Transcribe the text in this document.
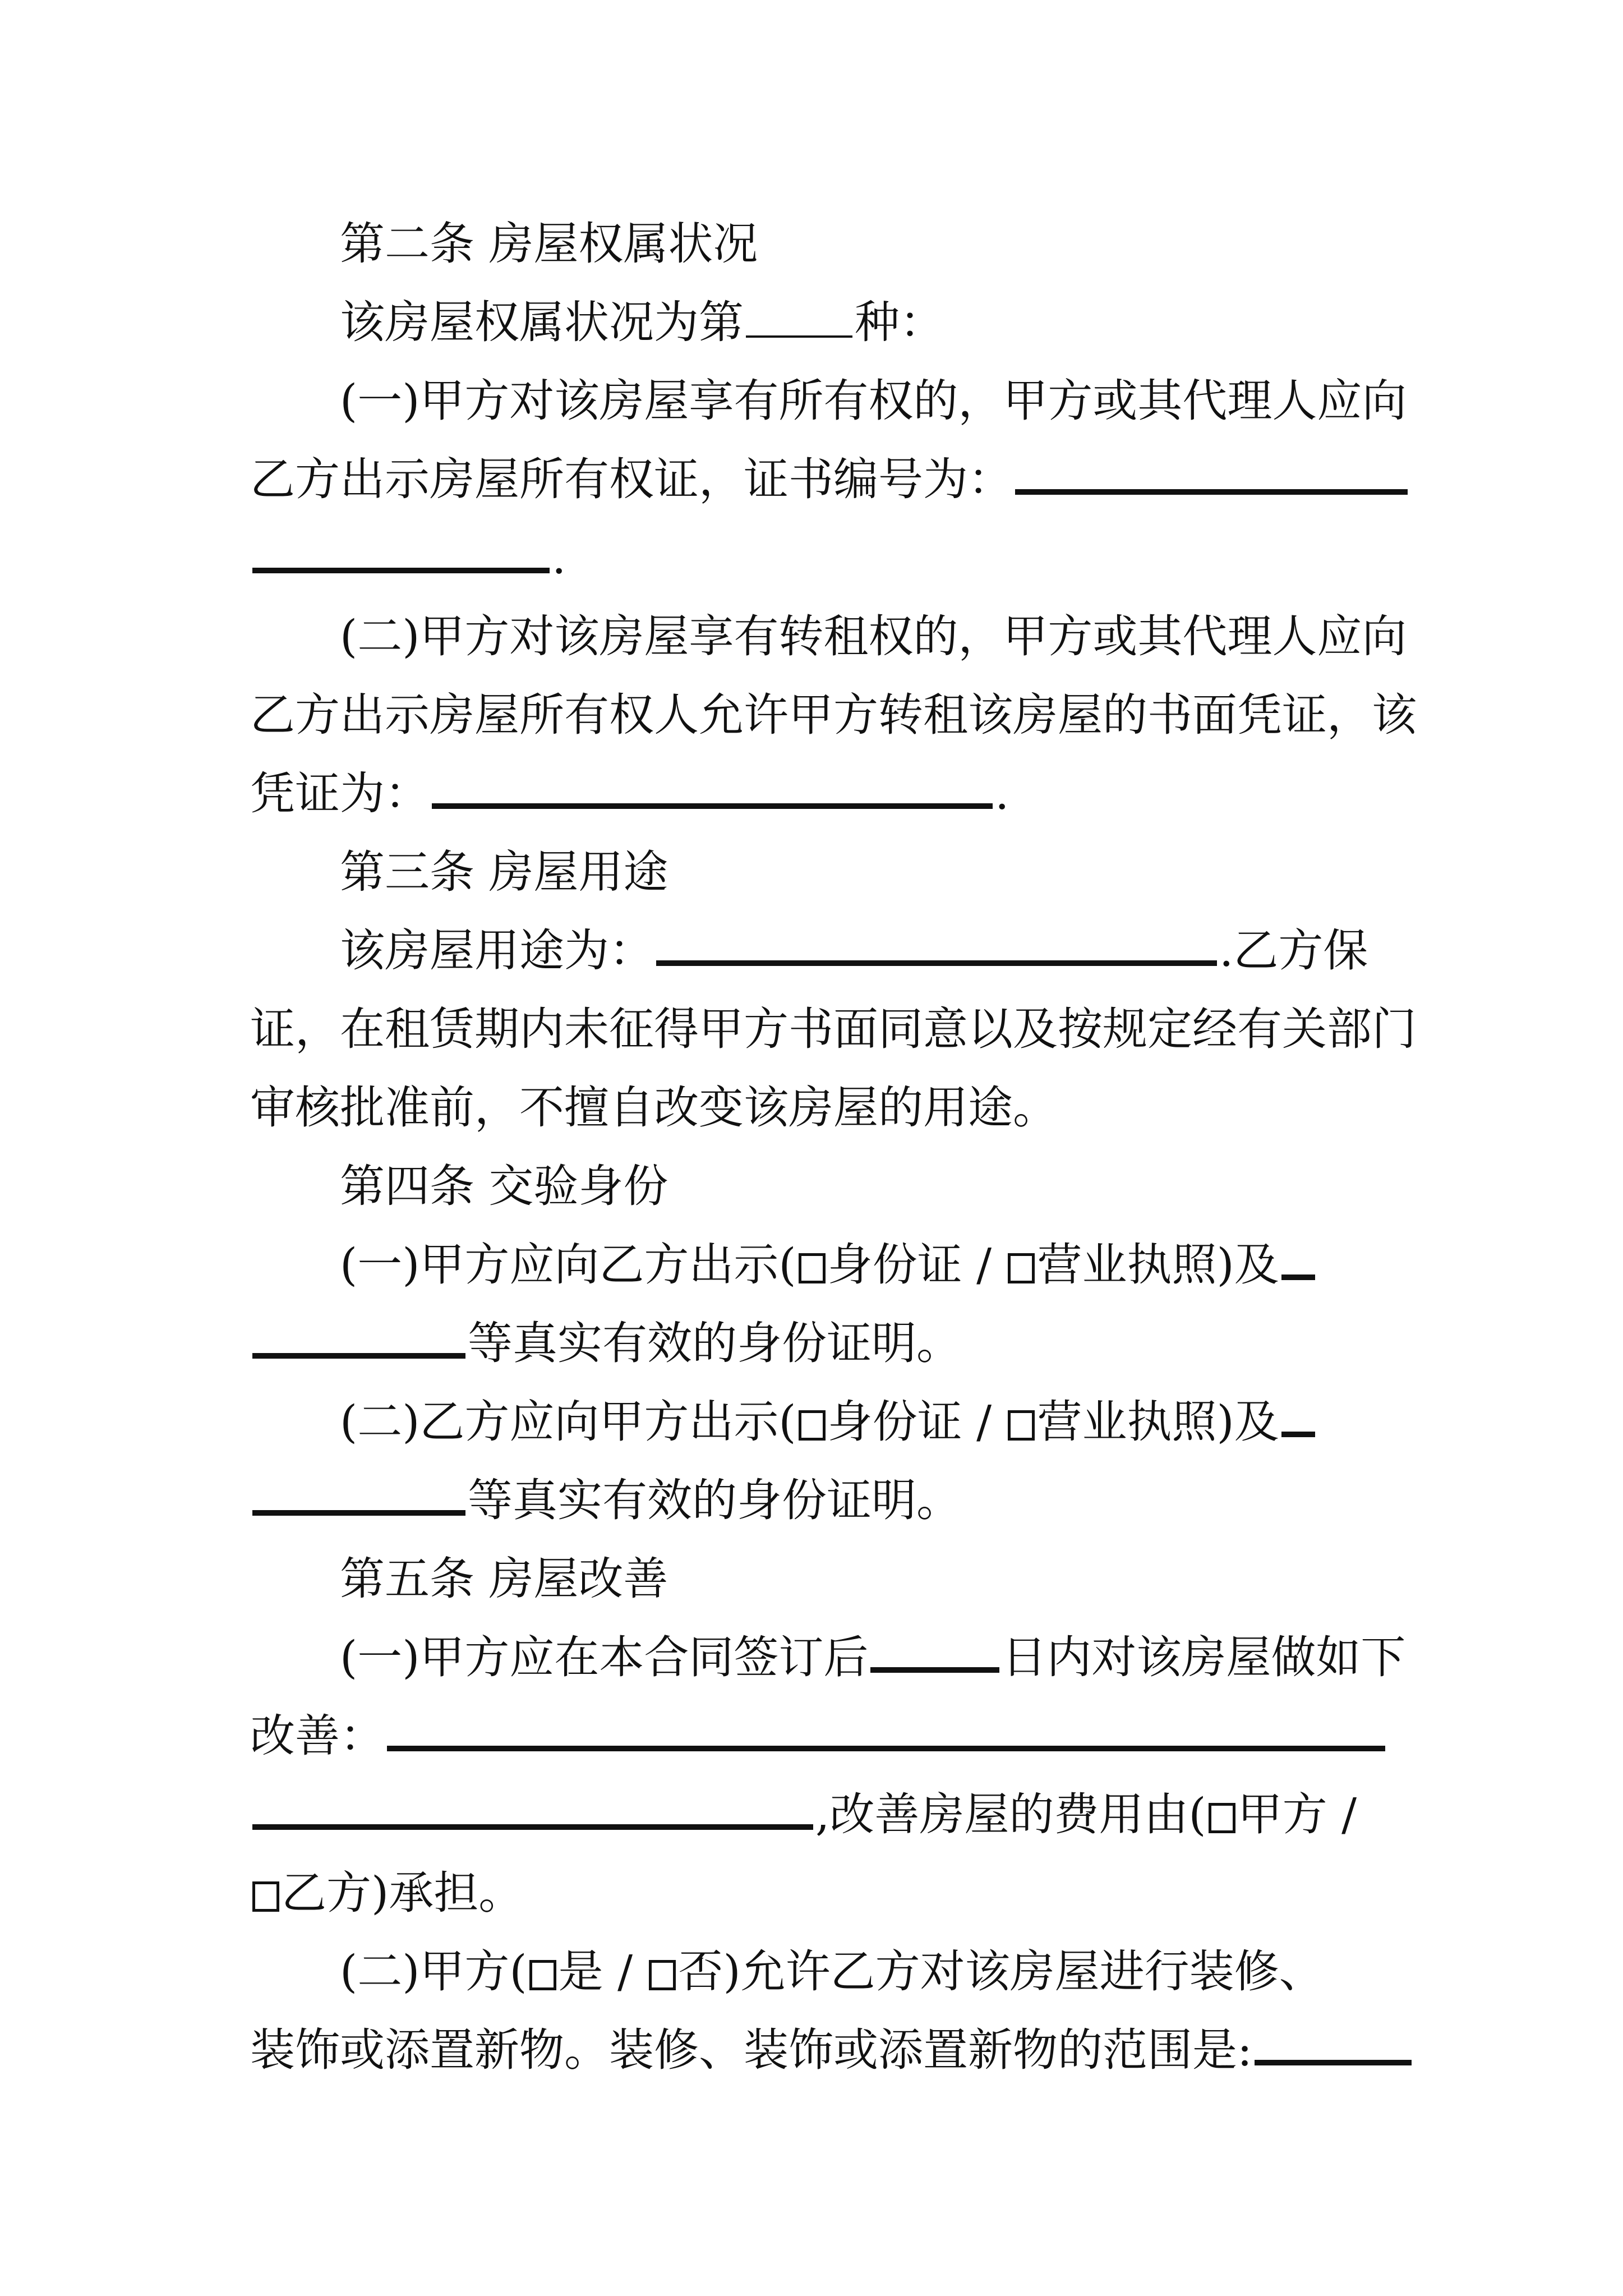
第二条 房屋权属状况

该房屋权属状况为第 种：

(一)甲方对该房屋享有所有权的，甲方或其代理人应向

乙方出示房屋所有权证，证书编号为：

.

(二)甲方对该房屋享有转租权的，甲方或其代理人应向

乙方出示房屋所有权人允许甲方转租该房屋的书面凭证，该

凭证为：	.

第三条 房屋用途

该房屋用途为：	.乙方保

证，在租赁期内未征得甲方书面同意以及按规定经有关部门

审核批准前，不擅自改变该房屋的用途。

第四条 交验身份

(一)甲方应向乙方出示( 身份证 / 营业执照)及

等真实有效的身份证明。

(二)乙方应向甲方出示( 身份证 / 营业执照)及

等真实有效的身份证明。

第五条 房屋改善

(一)甲方应在本合同签订后	日内对该房屋做如下

改善：

,改善房屋的费用由( 甲方 /

乙方)承担。

(二)甲方( 是 / 否)允许乙方对该房屋进行装修、

装饰或添置新物。装修、装饰或添置新物的范围是:
